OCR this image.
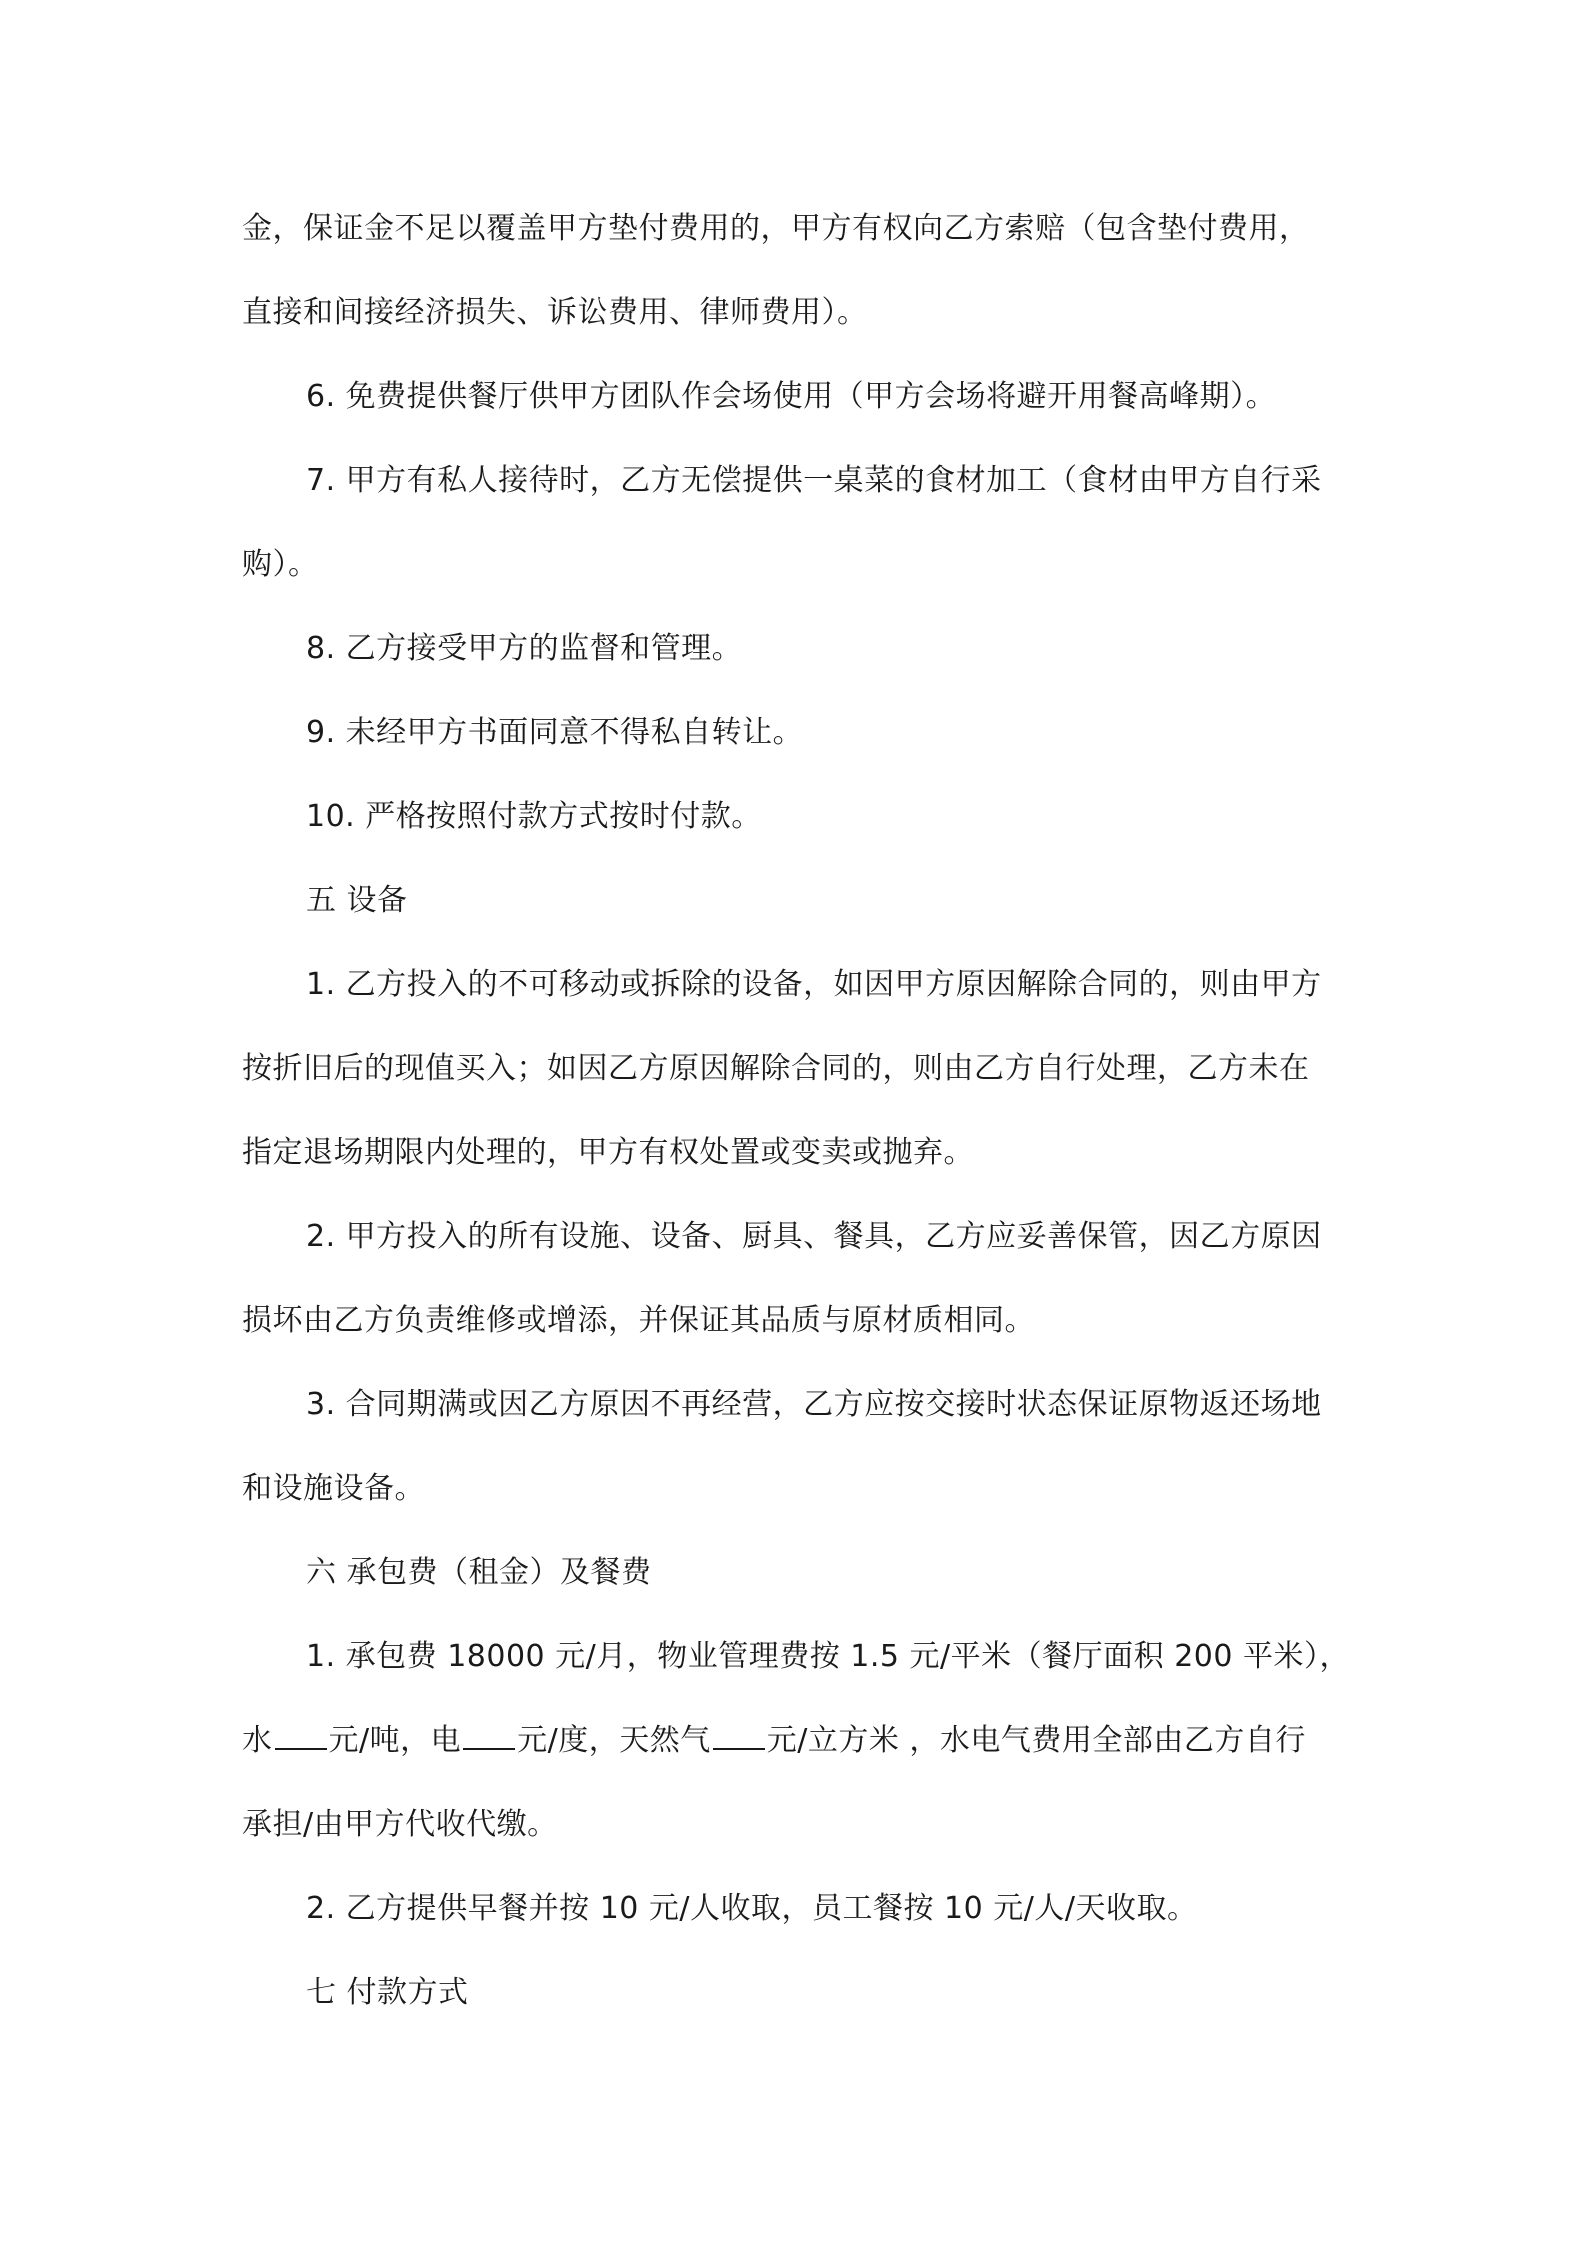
金，保证金不足以覆盖甲方垫付费用的，甲方有权向乙方索赔（包含垫付费用，
直接和间接经济损失、诉讼费用、律师费用）。
6. 免费提供餐厅供甲方团队作会场使用（甲方会场将避开用餐高峰期）。
7. 甲方有私人接待时，乙方无偿提供一桌菜的食材加工（食材由甲方自行采
购）。
8. 乙方接受甲方的监督和管理。
9. 未经甲方书面同意不得私自转让。
10. 严格按照付款方式按时付款。
五 设备
1. 乙方投入的不可移动或拆除的设备，如因甲方原因解除合同的，则由甲方
按折旧后的现值买入；如因乙方原因解除合同的，则由乙方自行处理，乙方未在
指定退场期限内处理的，甲方有权处置或变卖或抛弃。
2. 甲方投入的所有设施、设备、厨具、餐具，乙方应妥善保管，因乙方原因
损坏由乙方负责维修或增添，并保证其品质与原材质相同。
3. 合同期满或因乙方原因不再经营，乙方应按交接时状态保证原物返还场地
和设施设备。
六 承包费（租金）及餐费
1. 承包费 18000 元/月，物业管理费按 1.5 元/平米（餐厅面积 200 平米），
水 元/吨，电 元/度，天然气 元/立方米 ，水电气费用全部由乙方自行
承担/由甲方代收代缴。
2. 乙方提供早餐并按 10 元/人收取，员工餐按 10 元/人/天收取。
七 付款方式
